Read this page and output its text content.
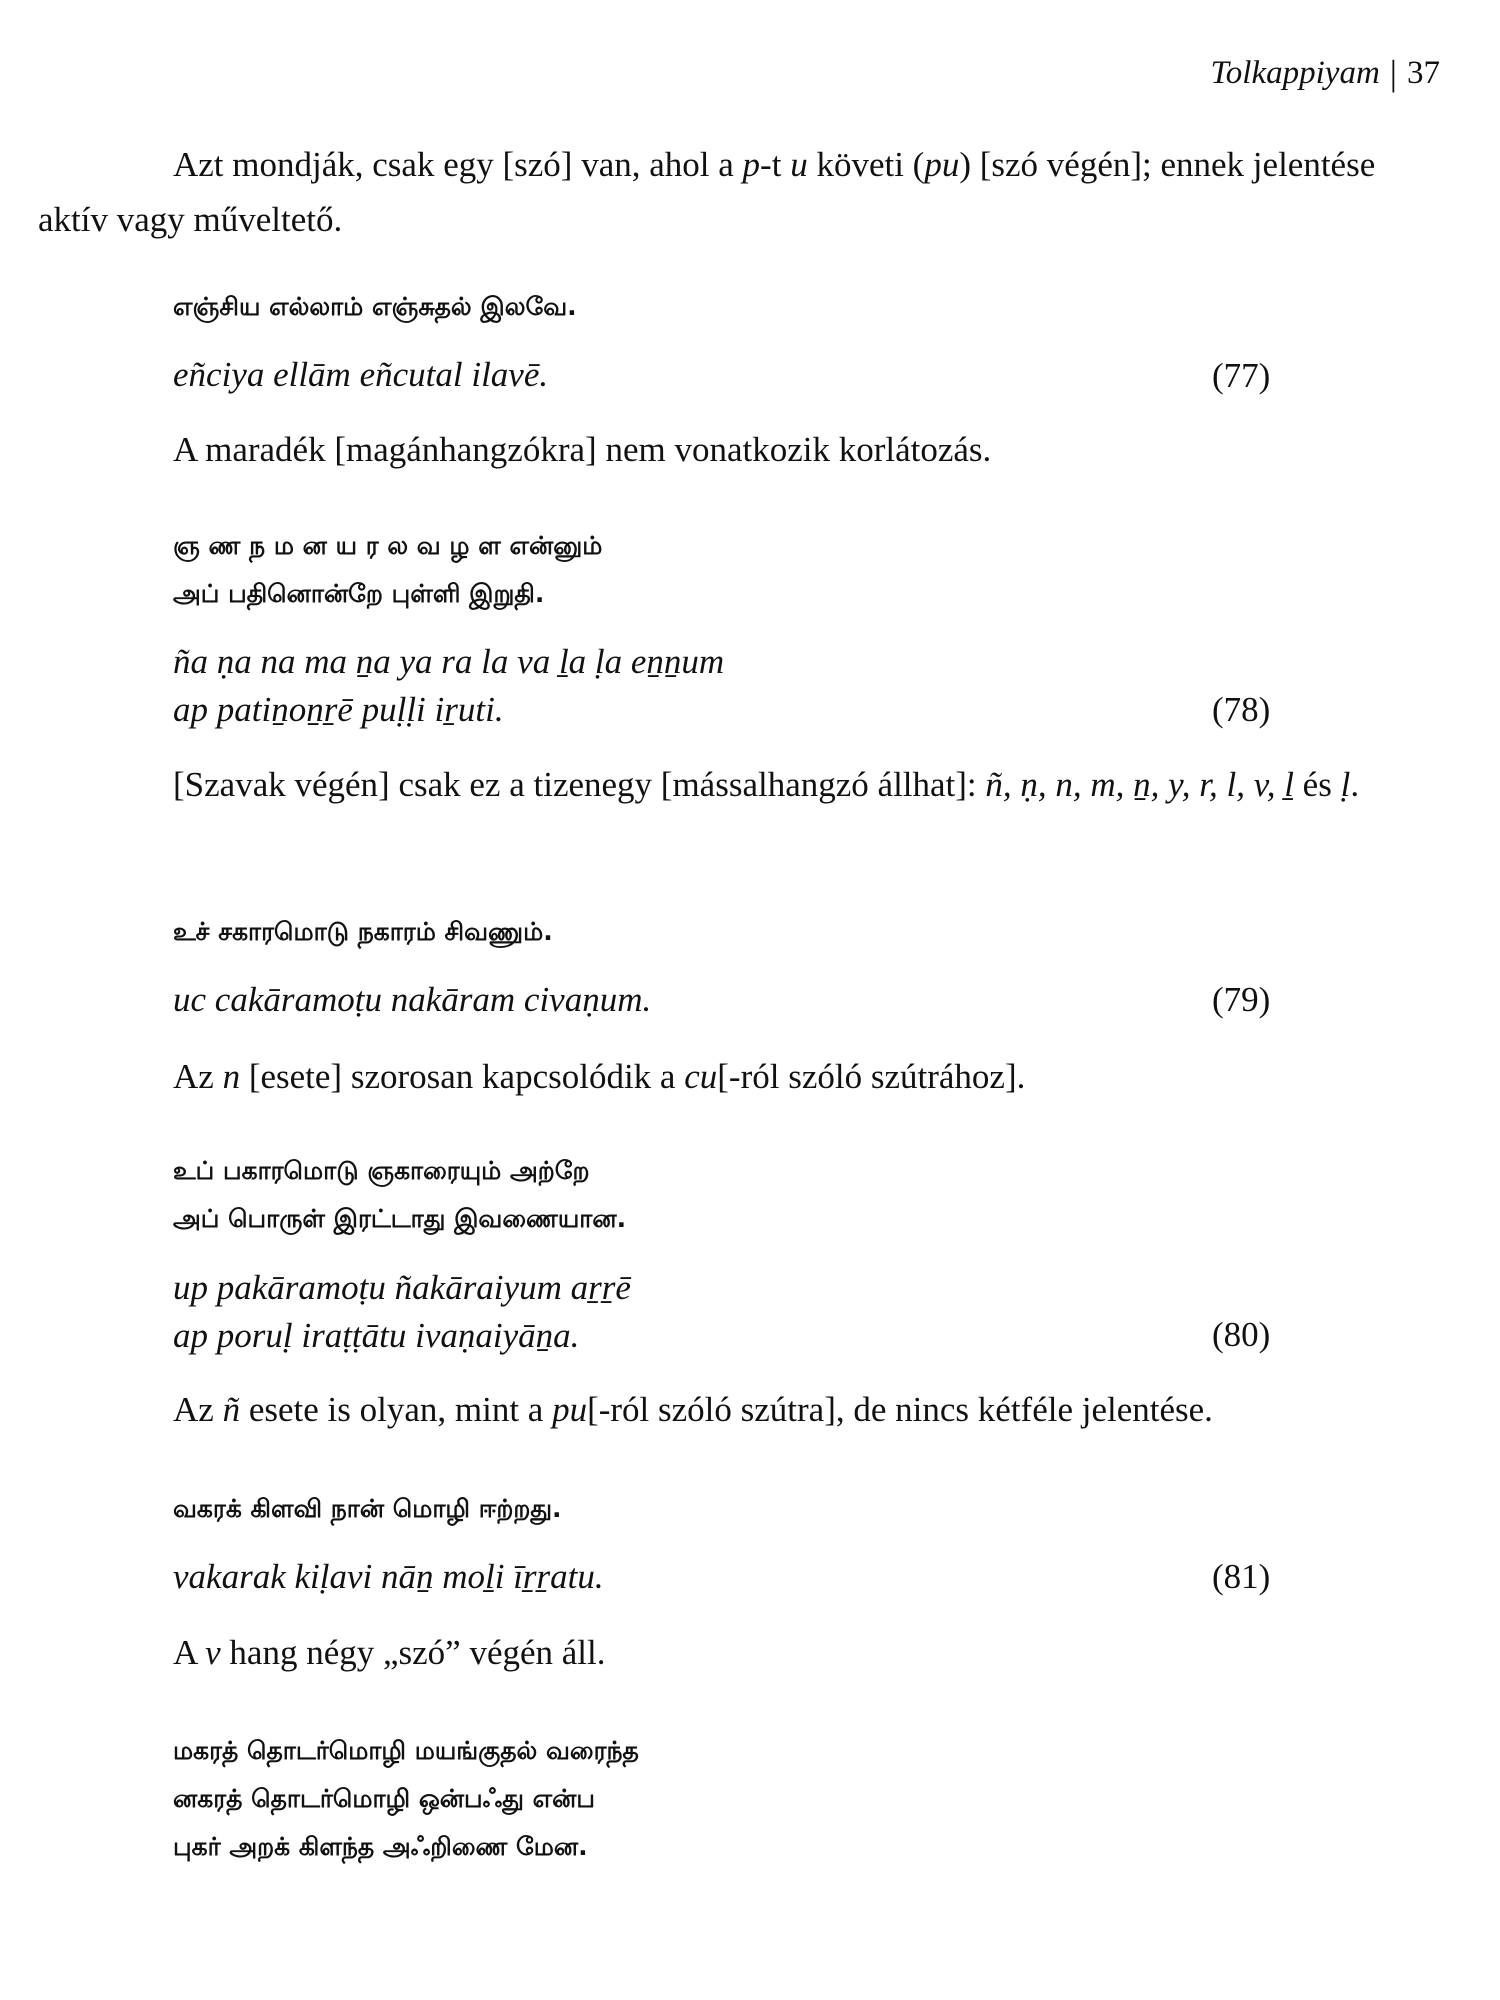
Tolkappiyam | 37
Azt mondják, csak egy [szó] van, ahol a p-t u követi (pu) [szó végén]; ennek jelentése aktív vagy műveltető.
எஞ்சிய எல்லாம் எஞ்சுதல் இலவே.
eñciya ellām eñcutal ilavē.	(77)
A maradék [magánhangzókra] nem vonatkozik korlátozás.
ஞ ண ந ம ன ய ர ல வ ழ ள என்னும்
அப் பதினொன்றே புள்ளி இறுதி.
ña ṇa na ma ṉa ya ra la va ḻa ḷa eṉṉum
ap patiṉoṉṟē puḷḷi iṟuti.	(78)
[Szavak végén] csak ez a tizenegy [mássalhangzó állhat]: ñ, ṇ, n, m, ṉ, y, r, l, v, ḻ és ḷ.
உச் சகாரமொடு நகாரம் சிவணும்.
uc cakāramoṭu nakāram civaṇum.	(79)
Az n [esete] szorosan kapcsolódik a cu[-ról szóló szútrához].
உப் பகாரமொடு ஞகாரையும் அற்றே
அப் பொருள் இரட்டாது இவணையான.
up pakāramoṭu ñakāraiyum aṟṟē
ap poruḷ iraṭṭātu ivaṇaiyāṉa.	(80)
Az ñ esete is olyan, mint a pu[-ról szóló szútra], de nincs kétféle jelentése.
வகரக் கிளவி நான் மொழி ஈற்றது.
vakarak kiḷavi nāṉ moḻi īṟṟatu.	(81)
A v hang négy „szó” végén áll.
மகரத் தொடர்மொழி மயங்குதல் வரைந்த
னகரத் தொடர்மொழி ஒன்பஃது என்ப
புகர் அறக் கிளந்த அஃறிணை மேன.
